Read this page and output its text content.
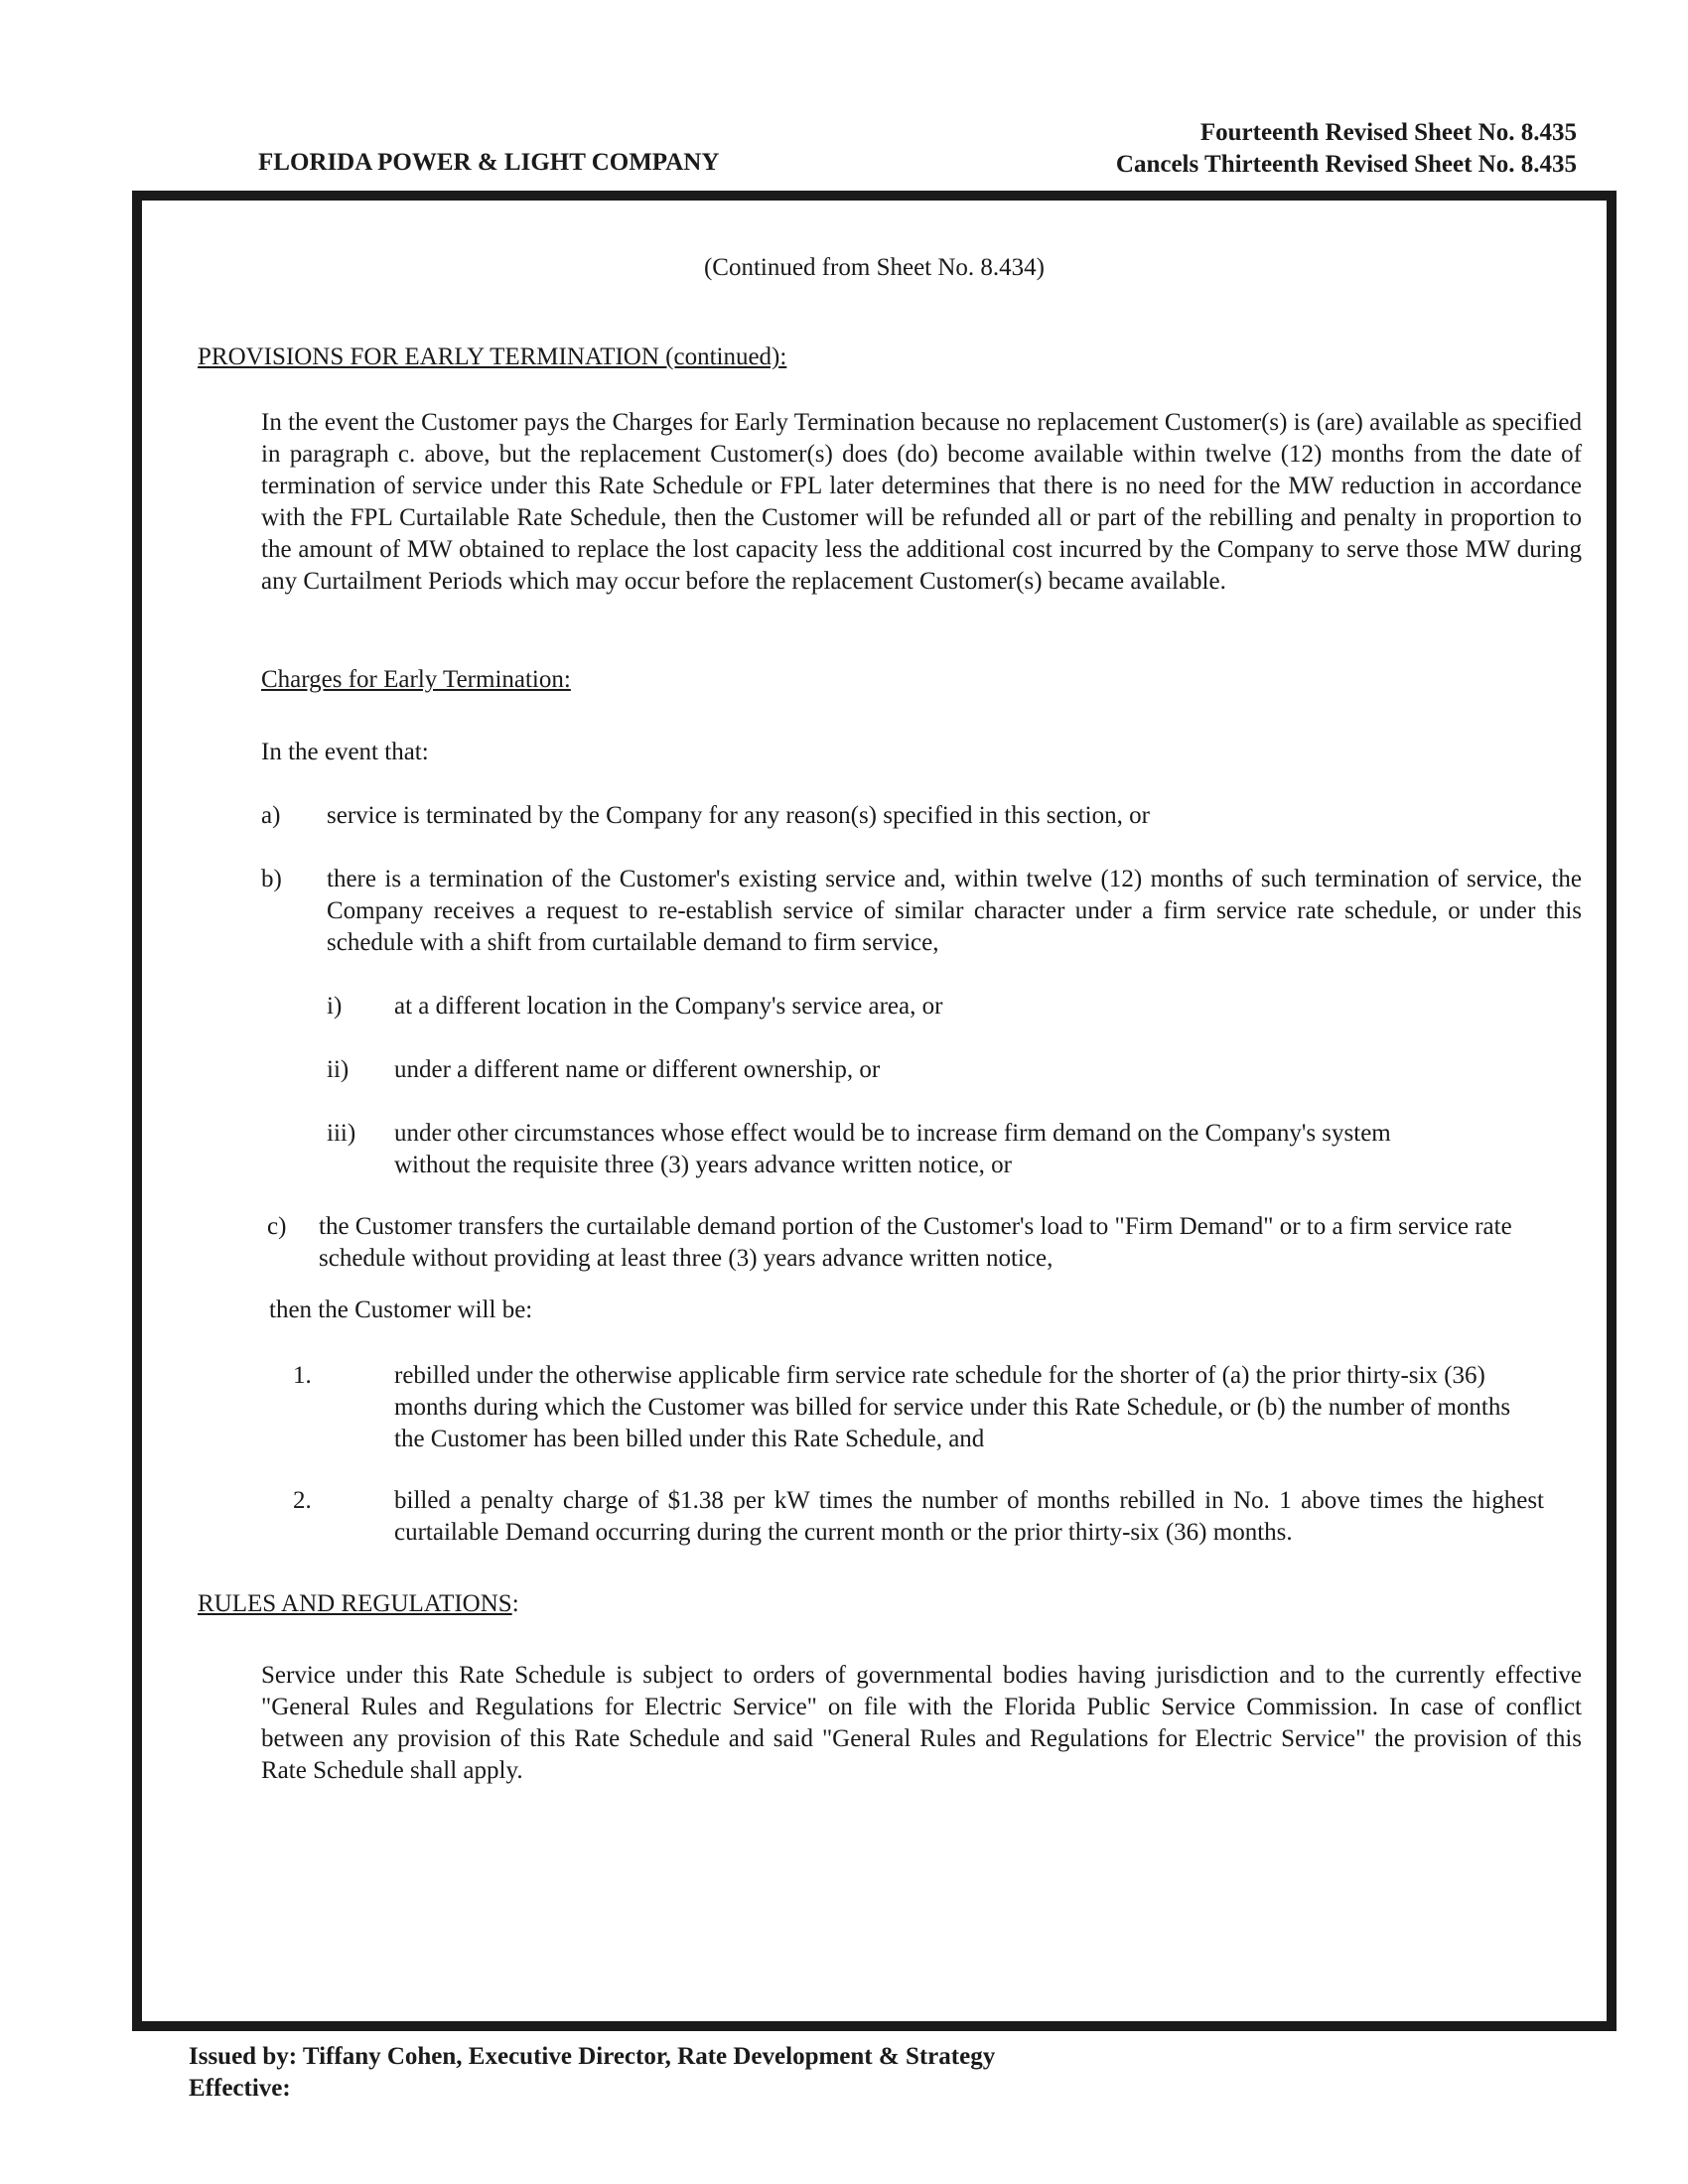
FLORIDA POWER & LIGHT COMPANY
Fourteenth Revised Sheet No. 8.435
Cancels Thirteenth Revised Sheet No. 8.435
(Continued from Sheet No. 8.434)
PROVISIONS FOR EARLY TERMINATION (continued):
In the event the Customer pays the Charges for Early Termination because no replacement Customer(s) is (are) available as specified in paragraph c. above, but the replacement Customer(s) does (do) become available within twelve (12) months from the date of termination of service under this Rate Schedule or FPL later determines that there is no need for the MW reduction in accordance with the FPL Curtailable Rate Schedule, then the Customer will be refunded all or part of the rebilling and penalty in proportion to the amount of MW obtained to replace the lost capacity less the additional cost incurred by the Company to serve those MW during any Curtailment Periods which may occur before the replacement Customer(s) became available.
Charges for Early Termination:
In the event that:
a) service is terminated by the Company for any reason(s) specified in this section, or
b) there is a termination of the Customer's existing service and, within twelve (12) months of such termination of service, the Company receives a request to re-establish service of similar character under a firm service rate schedule, or under this schedule with a shift from curtailable demand to firm service,
i) at a different location in the Company's service area, or
ii) under a different name or different ownership, or
iii) under other circumstances whose effect would be to increase firm demand on the Company's system without the requisite three (3) years advance written notice, or
c) the Customer transfers the curtailable demand portion of the Customer's load to "Firm Demand" or to a firm service rate schedule without providing at least three (3) years advance written notice,
then the Customer will be:
1.	rebilled under the otherwise applicable firm service rate schedule for the shorter of (a) the prior thirty-six (36) months during which the Customer was billed for service under this Rate Schedule, or (b) the number of months the Customer has been billed under this Rate Schedule, and
2.	billed a penalty charge of $1.38 per kW times the number of months rebilled in No. 1 above times the highest curtailable Demand occurring during the current month or the prior thirty-six (36) months.
RULES AND REGULATIONS:
Service under this Rate Schedule is subject to orders of governmental bodies having jurisdiction and to the currently effective "General Rules and Regulations for Electric Service" on file with the Florida Public Service Commission. In case of conflict between any provision of this Rate Schedule and said "General Rules and Regulations for Electric Service" the provision of this Rate Schedule shall apply.
Issued by: Tiffany Cohen, Executive Director, Rate Development & Strategy
Effective:
